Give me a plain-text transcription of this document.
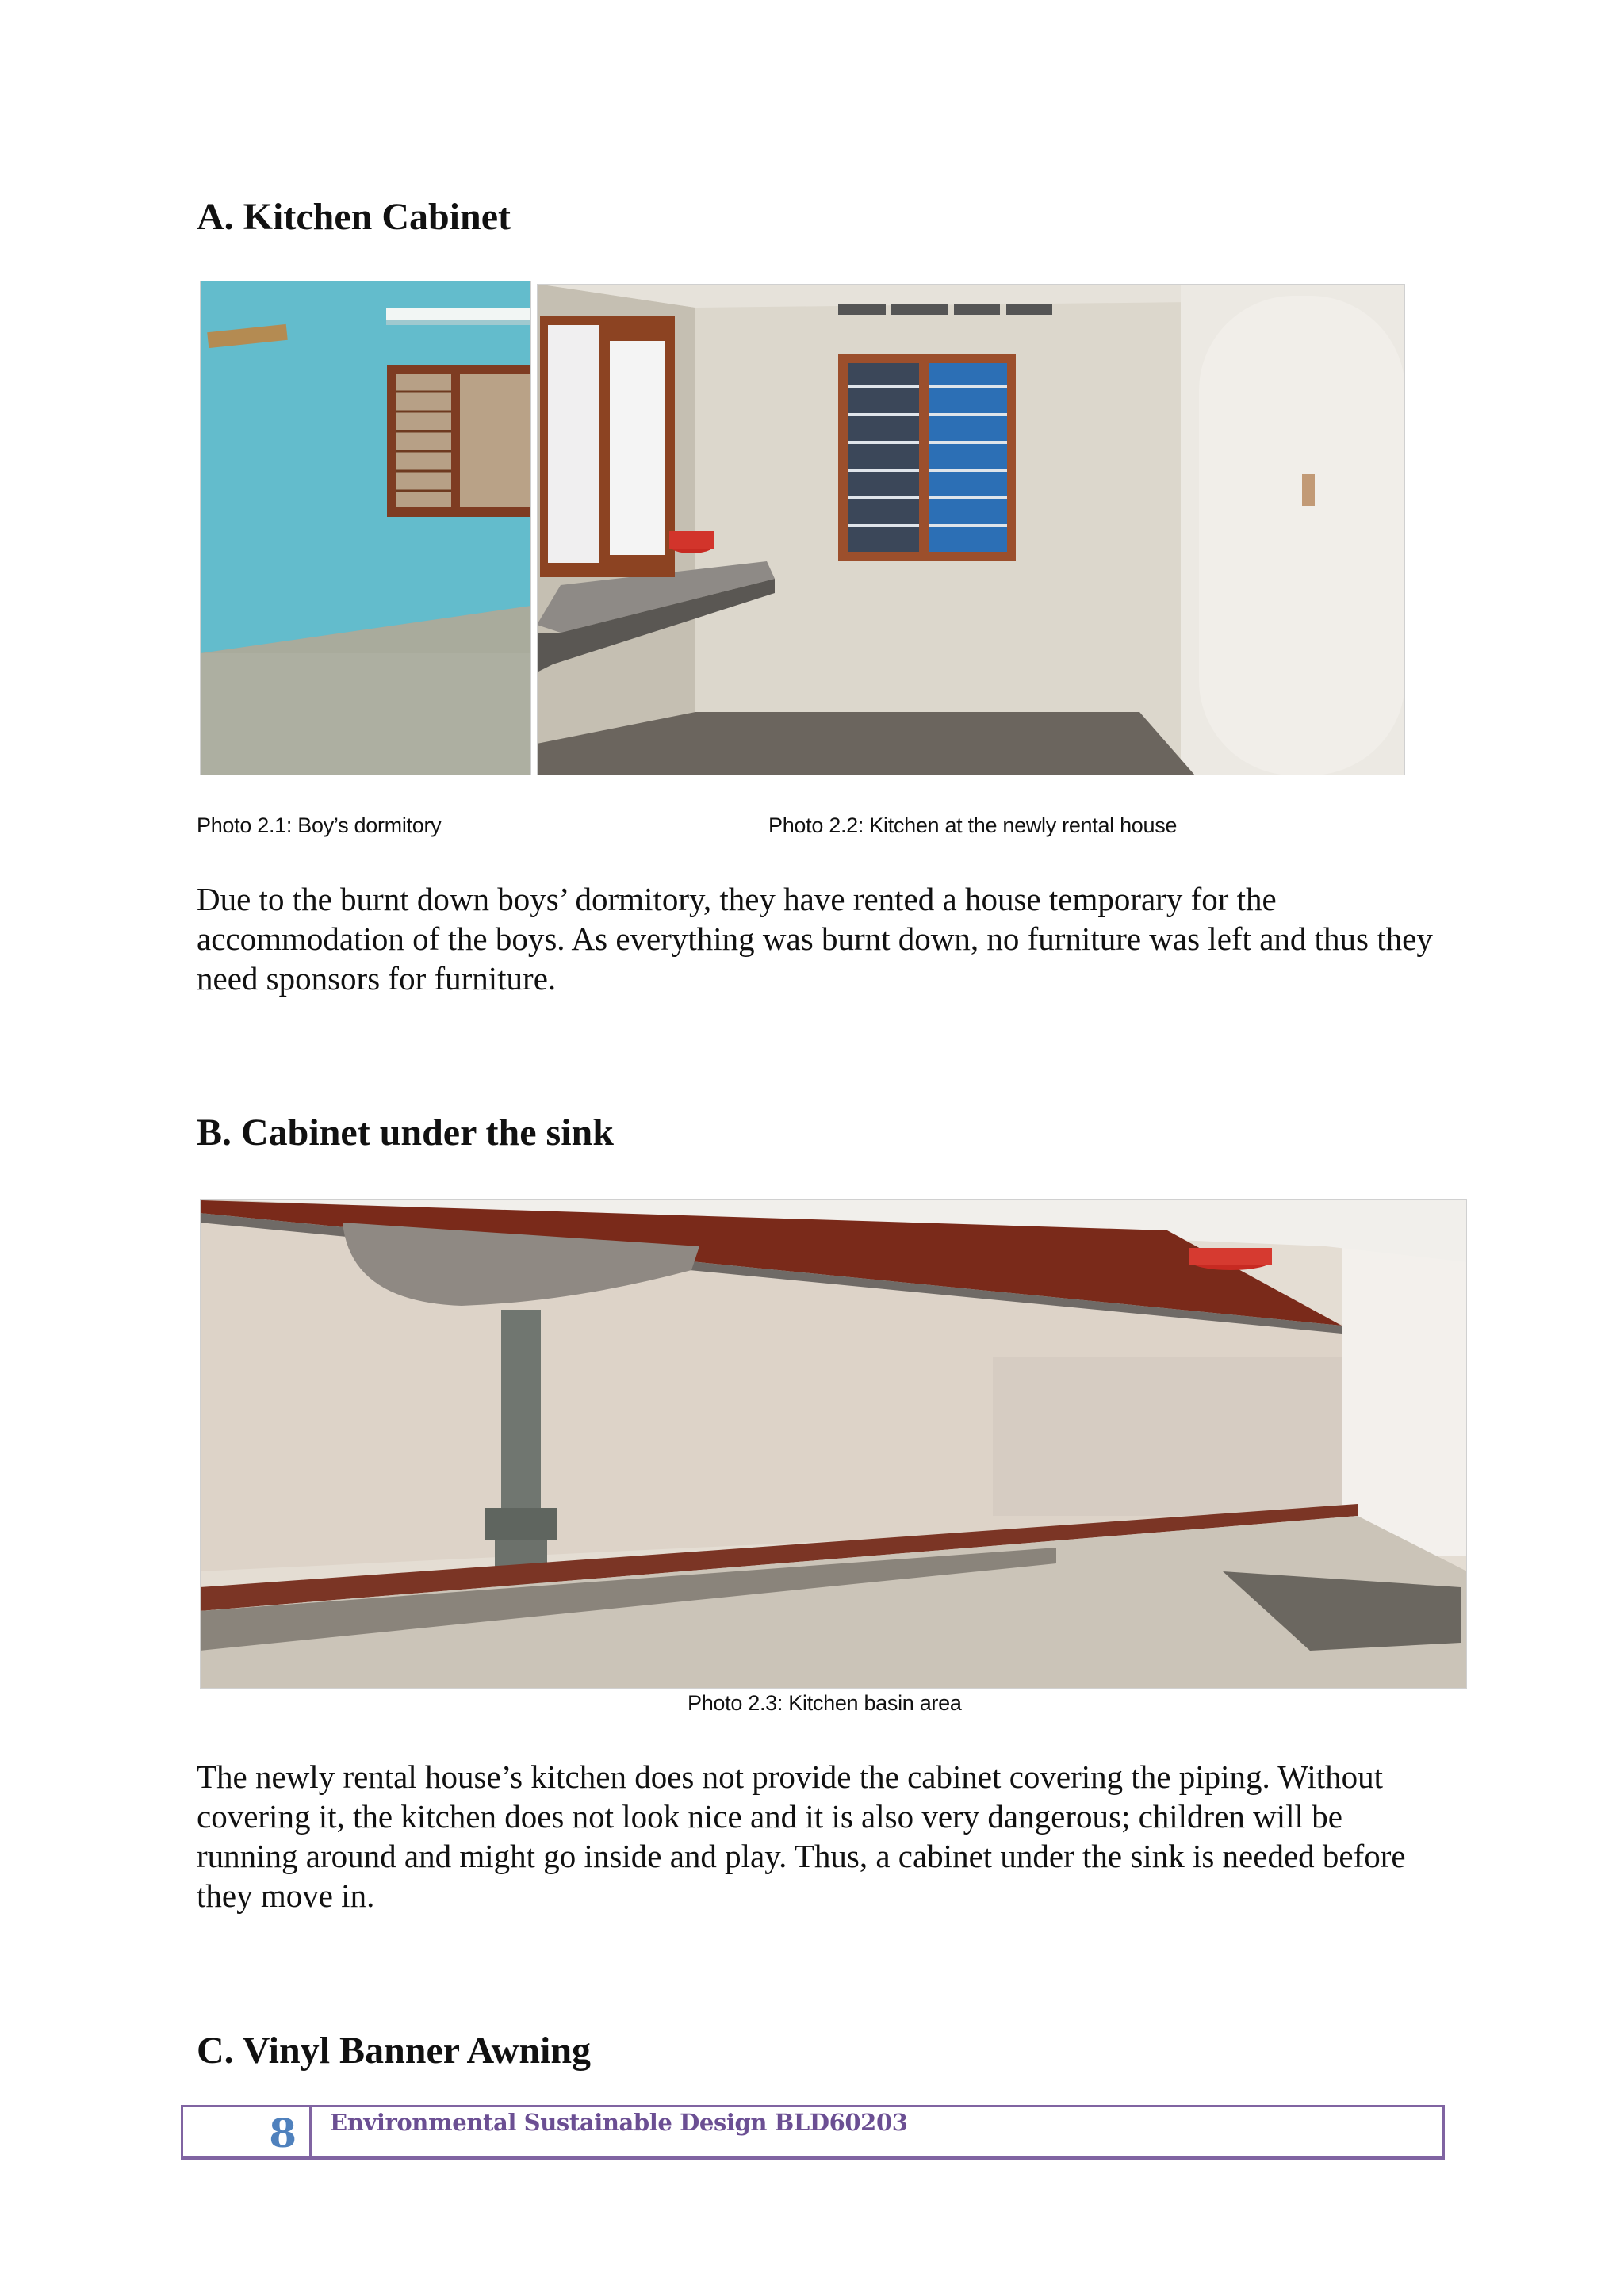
A. Kitchen Cabinet
Photo 2.1: Boy’s dormitory	Photo 2.2: Kitchen at the newly rental house

Due to the burnt down boys’ dormitory, they have rented a house temporary for the accommodation of the boys. As everything was burnt down, no furniture was left and thus they need sponsors for furniture.

B. Cabinet under the sink
Photo 2.3: Kitchen basin area

The newly rental house’s kitchen does not provide the cabinet covering the piping. Without covering it, the kitchen does not look nice and it is also very dangerous; children will be running around and might go inside and play. Thus, a cabinet under the sink is needed before they move in.

C. Vinyl Banner Awning
8	Environmental Sustainable Design BLD60203
